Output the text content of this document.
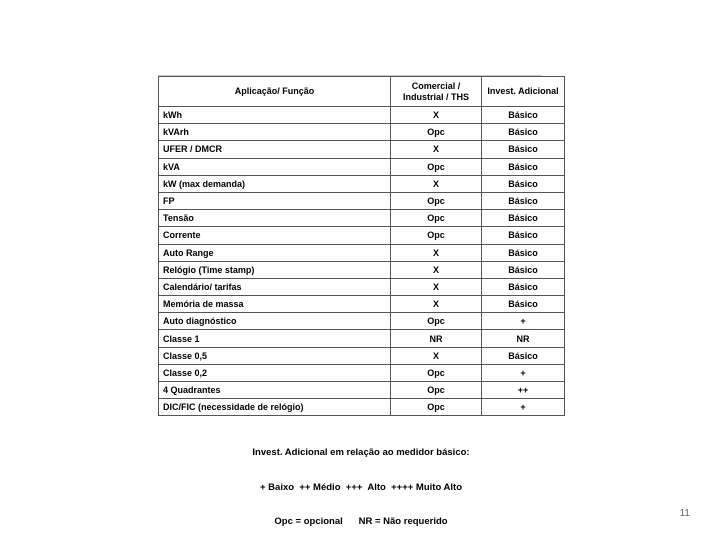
Aplicação/ Função	Comercial / Industrial / THS	Invest. Adicional
kWh	X	Básico
kVArh	Opc	Básico
UFER / DMCR	X	Básico
kVA	Opc	Básico
kW (max demanda)	X	Básico
FP	Opc	Básico
Tensão	Opc	Básico
Corrente	Opc	Básico
Auto Range	X	Básico
Relógio (Time stamp)	X	Básico
Calendário/ tarifas	X	Básico
Memória de massa	X	Básico
Auto diagnóstico	Opc	+
Classe 1	NR	NR
Classe 0,5	X	Básico
Classe 0,2	Opc	+
4 Quadrantes	Opc	++
DIC/FIC (necessidade de relógio)	Opc	+

Invest. Adicional em relação ao medidor básico:

+ Baixo  ++ Médio  +++  Alto  ++++ Muito Alto

Opc = opcional      NR = Não requerido

11
